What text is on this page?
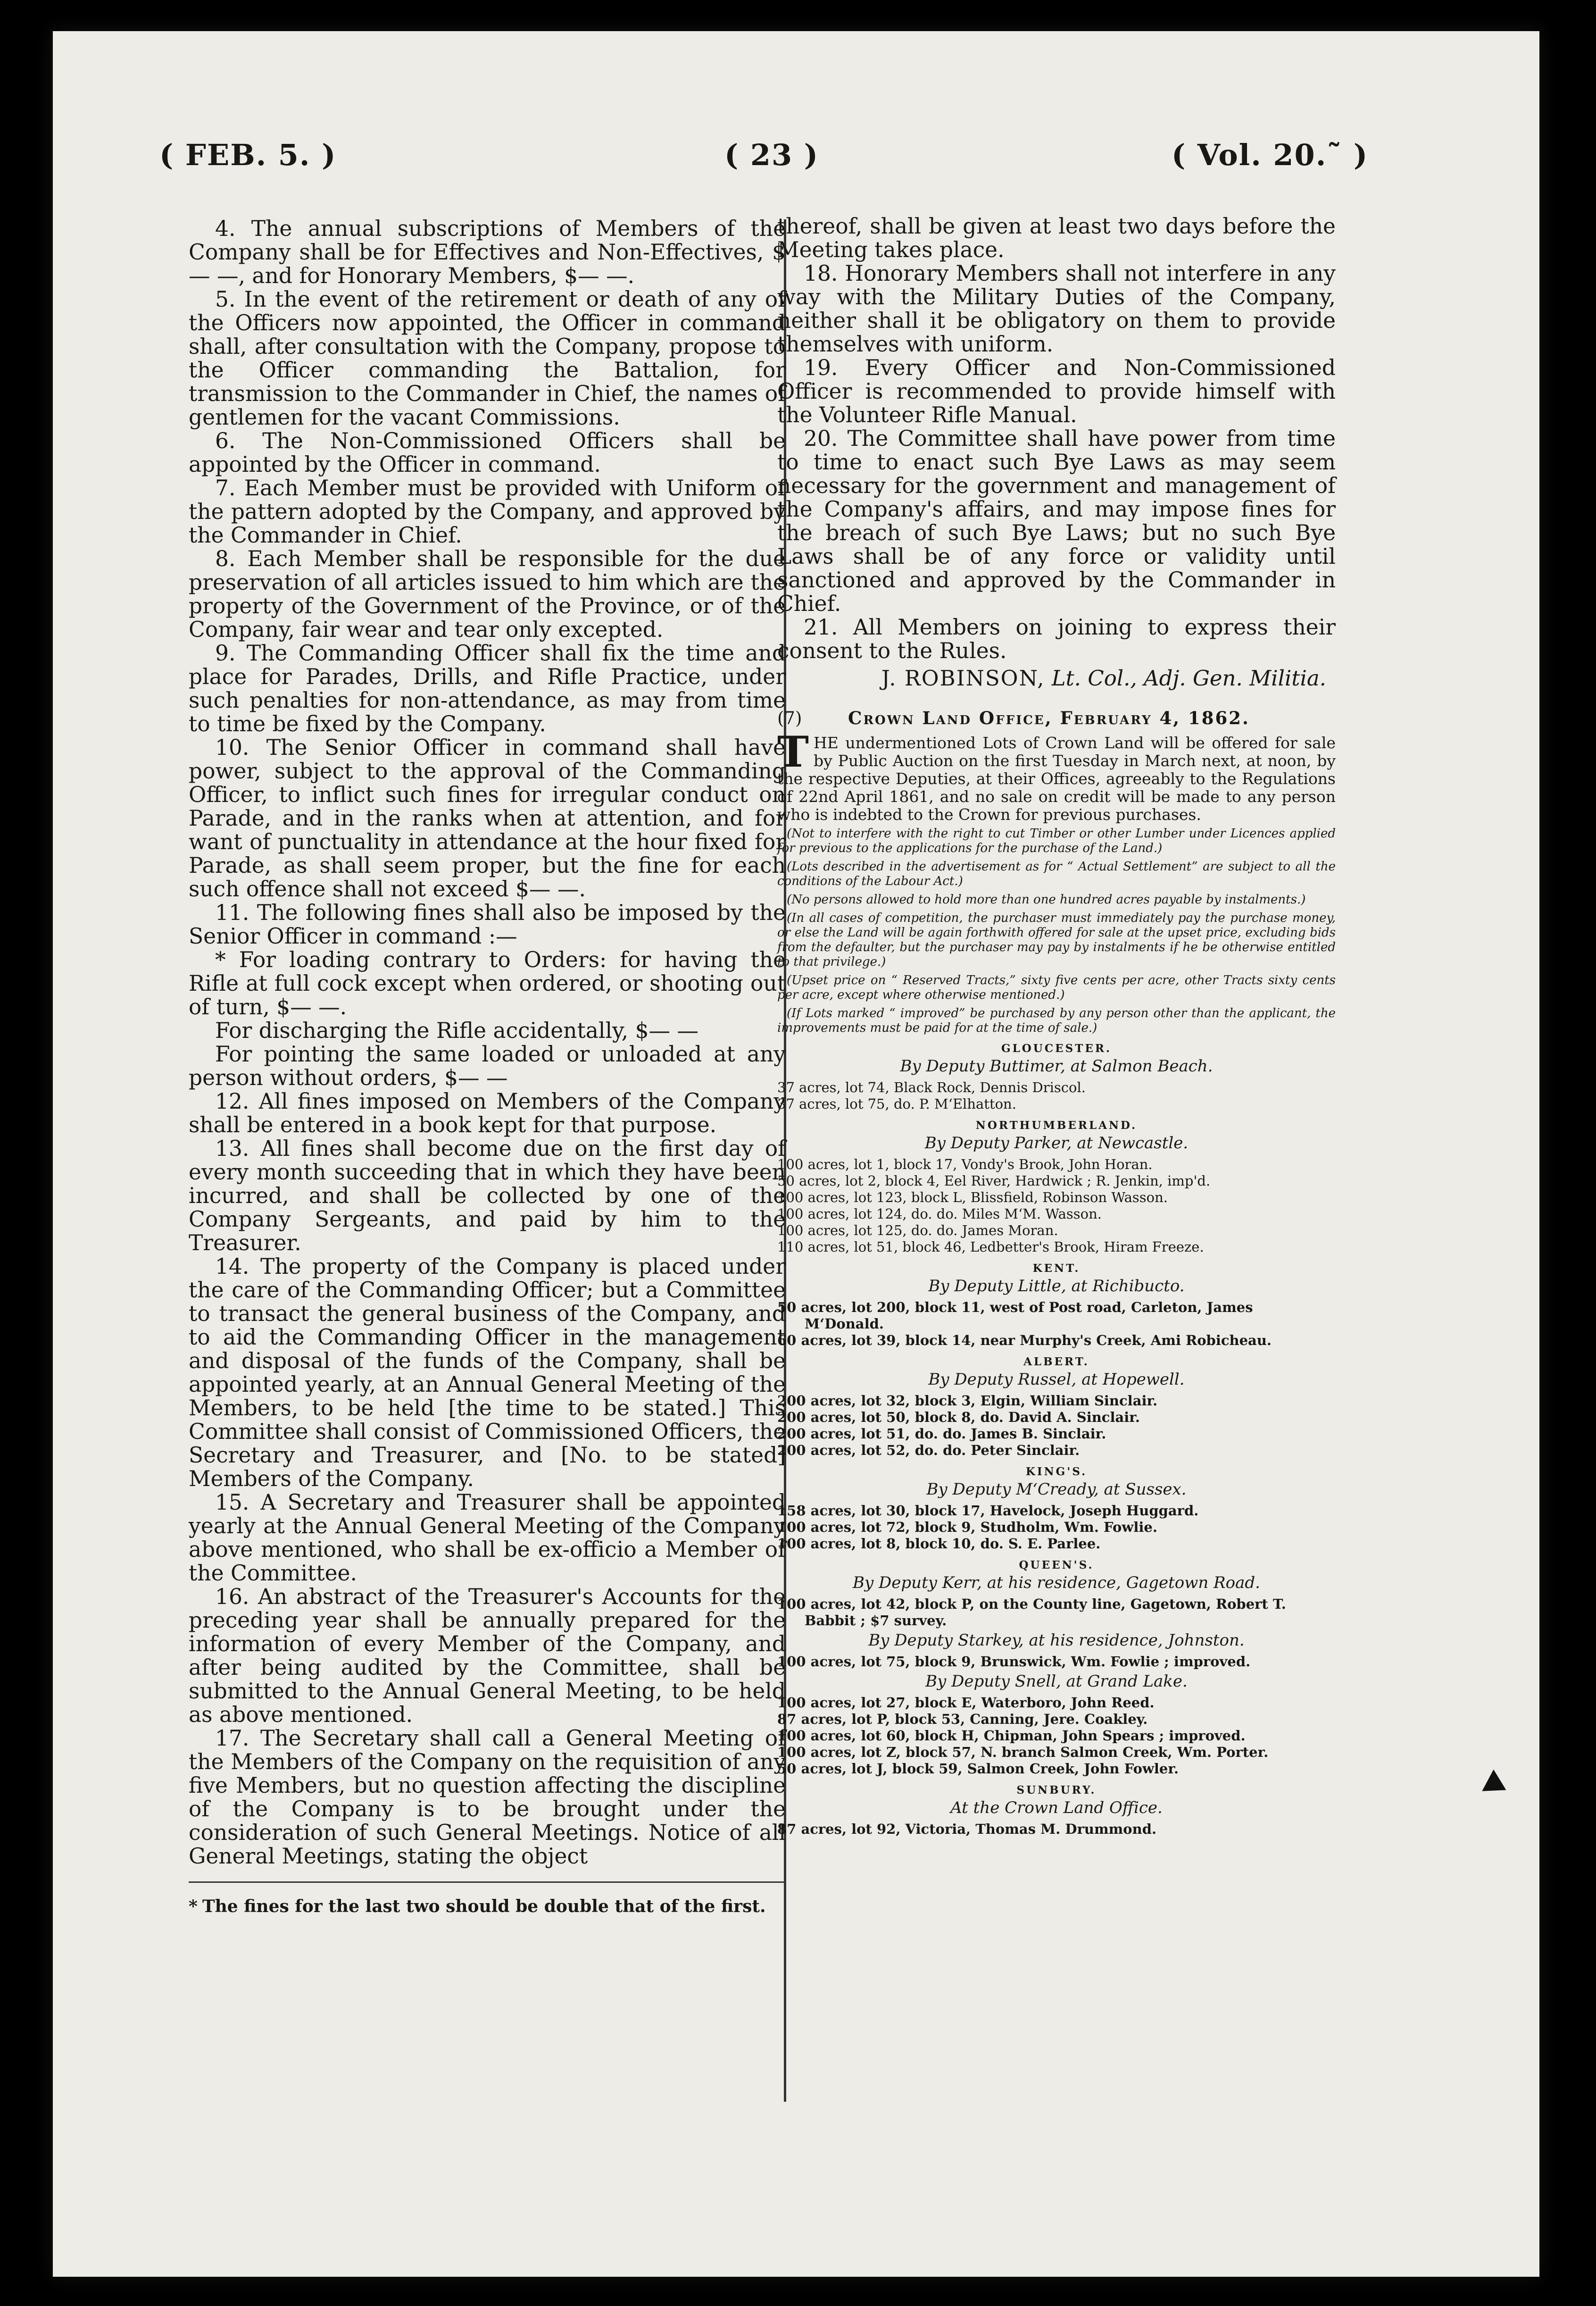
( FEB. 5. )	( 23 )	( Vol. 20.˜ )

4. The annual subscriptions of Members of the Company shall be for Effectives and Non-Effectives, $— —, and for Honorary Members, $— —.

5. In the event of the retirement or death of any of the Officers now appointed, the Officer in command shall, after consultation with the Company, propose to the Officer commanding the Battalion, for transmission to the Commander in Chief, the names of gentlemen for the vacant Commissions.

6. The Non-Commissioned Officers shall be appointed by the Officer in command.

7. Each Member must be provided with Uniform of the pattern adopted by the Company, and approved by the Commander in Chief.

8. Each Member shall be responsible for the due preservation of all articles issued to him which are the property of the Government of the Province, or of the Company, fair wear and tear only excepted.

9. The Commanding Officer shall fix the time and place for Parades, Drills, and Rifle Practice, under such penalties for non-attendance, as may from time to time be fixed by the Company.

10. The Senior Officer in command shall have power, subject to the approval of the Commanding Officer, to inflict such fines for irregular conduct on Parade, and in the ranks when at attention, and for want of punctuality in attendance at the hour fixed for Parade, as shall seem proper, but the fine for each such offence shall not exceed $— —.

11. The following fines shall also be imposed by the Senior Officer in command :—

* For loading contrary to Orders: for having the Rifle at full cock except when ordered, or shooting out of turn, $— —.

For discharging the Rifle accidentally, $— —

For pointing the same loaded or unloaded at any person without orders, $— —

12. All fines imposed on Members of the Company shall be entered in a book kept for that purpose.

13. All fines shall become due on the first day of every month succeeding that in which they have been incurred, and shall be collected by one of the Company Sergeants, and paid by him to the Treasurer.

14. The property of the Company is placed under the care of the Commanding Officer; but a Committee to transact the general business of the Company, and to aid the Commanding Officer in the management and disposal of the funds of the Company, shall be appointed yearly, at an Annual General Meeting of the Members, to be held [the time to be stated.] This Committee shall consist of Commissioned Officers, the Secretary and Treasurer, and [No. to be stated] Members of the Company.

15. A Secretary and Treasurer shall be appointed yearly at the Annual General Meeting of the Company above mentioned, who shall be ex-officio a Member of the Committee.

16. An abstract of the Treasurer's Accounts for the preceding year shall be annually prepared for the information of every Member of the Company, and after being audited by the Committee, shall be submitted to the Annual General Meeting, to be held as above mentioned.

17. The Secretary shall call a General Meeting of the Members of the Company on the requisition of any five Members, but no question affecting the discipline of the Company is to be brought under the consideration of such General Meetings. Notice of all General Meetings, stating the object

* The fines for the last two should be double that of the first.

thereof, shall be given at least two days before the Meeting takes place.

18. Honorary Members shall not interfere in any way with the Military Duties of the Company, neither shall it be obligatory on them to provide themselves with uniform.

19. Every Officer and Non-Commissioned Officer is recommended to provide himself with the Volunteer Rifle Manual.

20. The Committee shall have power from time to time to enact such Bye Laws as may seem necessary for the government and management of the Company's affairs, and may impose fines for the breach of such Bye Laws; but no such Bye Laws shall be of any force or validity until sanctioned and approved by the Commander in Chief.

21. All Members on joining to express their consent to the Rules.

J. ROBINSON, Lt. Col., Adj. Gen. Militia.
(7)	Crown Land Office, February 4, 1862.
THE undermentioned Lots of Crown Land will be offered for sale by Public Auction on the first Tuesday in March next, at noon, by the respective Deputies, at their Offices, agreeably to the Regulations of 22nd April 1861, and no sale on credit will be made to any person who is indebted to the Crown for previous purchases.
(Not to interfere with the right to cut Timber or other Lumber under Licences applied for previous to the applications for the purchase of the Land.)
(Lots described in the advertisement as for “ Actual Settlement” are subject to all the conditions of the Labour Act.)
(No persons allowed to hold more than one hundred acres payable by instalments.)
(In all cases of competition, the purchaser must immediately pay the purchase money, or else the Land will be again forthwith offered for sale at the upset price, excluding bids from the defaulter, but the purchaser may pay by instalments if he be otherwise entitled to that privilege.)
(Upset price on “ Reserved Tracts,” sixty five cents per acre, other Tracts sixty cents per acre, except where otherwise mentioned.)
(If Lots marked “ improved” be purchased by any person other than the applicant, the improvements must be paid for at the time of sale.)
GLOUCESTER.
By Deputy Buttimer, at Salmon Beach.
37 acres, lot 74, Black Rock, Dennis Driscol.
37 acres, lot 75, do. P. M‘Elhatton.
NORTHUMBERLAND.
By Deputy Parker, at Newcastle.
100 acres, lot 1, block 17, Vondy's Brook, John Horan.
50 acres, lot 2, block 4, Eel River, Hardwick ; R. Jenkin, imp'd.
100 acres, lot 123, block L, Blissfield, Robinson Wasson.
100 acres, lot 124, do. do. Miles M‘M. Wasson.
100 acres, lot 125, do. do. James Moran.
110 acres, lot 51, block 46, Ledbetter's Brook, Hiram Freeze.
KENT.
By Deputy Little, at Richibucto.
50 acres, lot 200, block 11, west of Post road, Carleton, James M‘Donald.
60 acres, lot 39, block 14, near Murphy's Creek, Ami Robicheau.
ALBERT.
By Deputy Russel, at Hopewell.
200 acres, lot 32, block 3, Elgin, William Sinclair.
200 acres, lot 50, block 8, do. David A. Sinclair.
200 acres, lot 51, do. do. James B. Sinclair.
200 acres, lot 52, do. do. Peter Sinclair.
KING'S.
By Deputy M‘Cready, at Sussex.
158 acres, lot 30, block 17, Havelock, Joseph Huggard.
100 acres, lot 72, block 9, Studholm, Wm. Fowlie.
100 acres, lot 8, block 10, do. S. E. Parlee.
QUEEN'S.
By Deputy Kerr, at his residence, Gagetown Road.
100 acres, lot 42, block P, on the County line, Gagetown, Robert T. Babbit ; $7 survey.
By Deputy Starkey, at his residence, Johnston.
100 acres, lot 75, block 9, Brunswick, Wm. Fowlie ; improved.
By Deputy Snell, at Grand Lake.
100 acres, lot 27, block E, Waterboro, John Reed.
87 acres, lot P, block 53, Canning, Jere. Coakley.
100 acres, lot 60, block H, Chipman, John Spears ; improved.
100 acres, lot Z, block 57, N. branch Salmon Creek, Wm. Porter.
50 acres, lot J, block 59, Salmon Creek, John Fowler.
SUNBURY.
At the Crown Land Office.
87 acres, lot 92, Victoria, Thomas M. Drummond.
